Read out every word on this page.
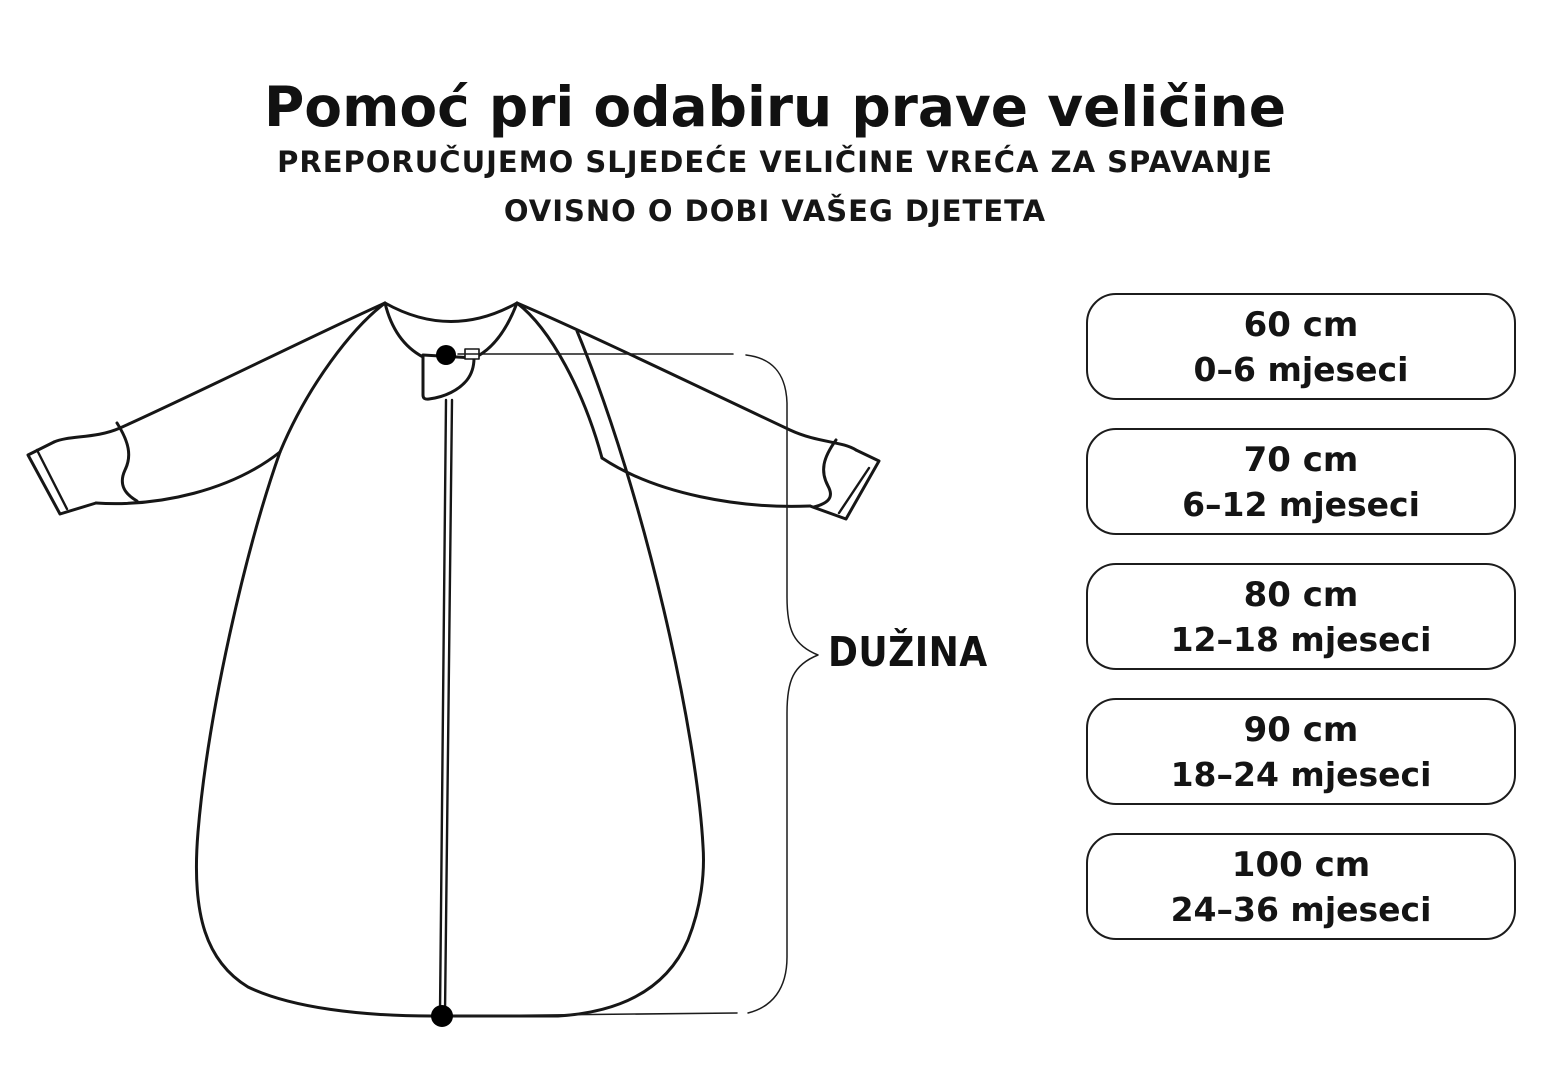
Pomoć pri odabiru prave veličine
PREPORUČUJEMO SLJEDEĆE VELIČINE VREĆA ZA SPAVANJE
OVISNO O DOBI VAŠEG DJETETA
DUŽINA
60 cm
0–6 mjeseci
70 cm
6–12 mjeseci
80 cm
12–18 mjeseci
90 cm
18–24 mjeseci
100 cm
24–36 mjeseci
